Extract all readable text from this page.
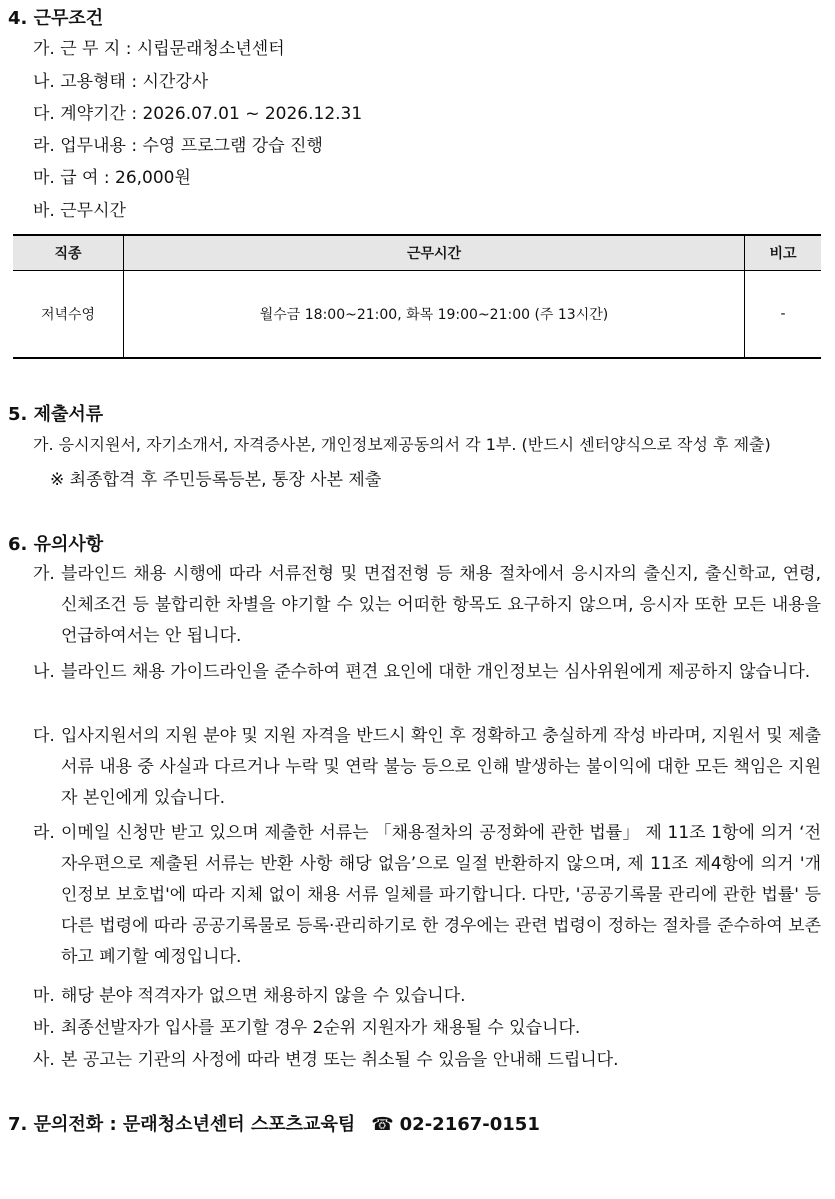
4. 근무조건
가. 근 무 지 : 시립문래청소년센터
나. 고용형태 : 시간강사
다. 계약기간 : 2026.07.01 ~ 2026.12.31
라. 업무내용 : 수영 프로그램 강습 진행
마. 급 여 : 26,000원
바. 근무시간
직종	근무시간	비고
저녁수영	월수금 18:00~21:00, 화목 19:00~21:00 (주 13시간)	-
5. 제출서류
가. 응시지원서, 자기소개서, 자격증사본, 개인정보제공동의서 각 1부. (반드시 센터양식으로 작성 후 제출)
※ 최종합격 후 주민등록등본, 통장 사본 제출
6. 유의사항
가. 블라인드 채용 시행에 따라 서류전형 및 면접전형 등 채용 절차에서 응시자의 출신지, 출신학교, 연령, 신체조건 등 불합리한 차별을 야기할 수 있는 어떠한 항목도 요구하지 않으며, 응시자 또한 모든 내용을 언급하여서는 안 됩니다.
나. 블라인드 채용 가이드라인을 준수하여 편견 요인에 대한 개인정보는 심사위원에게 제공하지 않습니다.
다. 입사지원서의 지원 분야 및 지원 자격을 반드시 확인 후 정확하고 충실하게 작성 바라며, 지원서 및 제출 서류 내용 중 사실과 다르거나 누락 및 연락 불능 등으로 인해 발생하는 불이익에 대한 모든 책임은 지원자 본인에게 있습니다.
라. 이메일 신청만 받고 있으며 제출한 서류는 「채용절차의 공정화에 관한 법률」 제 11조 1항에 의거 ‘전자우편으로 제출된 서류는 반환 사항 해당 없음’으로 일절 반환하지 않으며, 제 11조 제4항에 의거 '개인정보 보호법'에 따라 지체 없이 채용 서류 일체를 파기합니다. 다만, '공공기록물 관리에 관한 법률' 등 다른 법령에 따라 공공기록물로 등록·관리하기로 한 경우에는 관련 법령이 정하는 절차를 준수하여 보존하고 폐기할 예정입니다.
마. 해당 분야 적격자가 없으면 채용하지 않을 수 있습니다.
바. 최종선발자가 입사를 포기할 경우 2순위 지원자가 채용될 수 있습니다.
사. 본 공고는 기관의 사정에 따라 변경 또는 취소될 수 있음을 안내해 드립니다.
7. 문의전화 : 문래청소년센터 스포츠교육팀 ☎ 02-2167-0151
